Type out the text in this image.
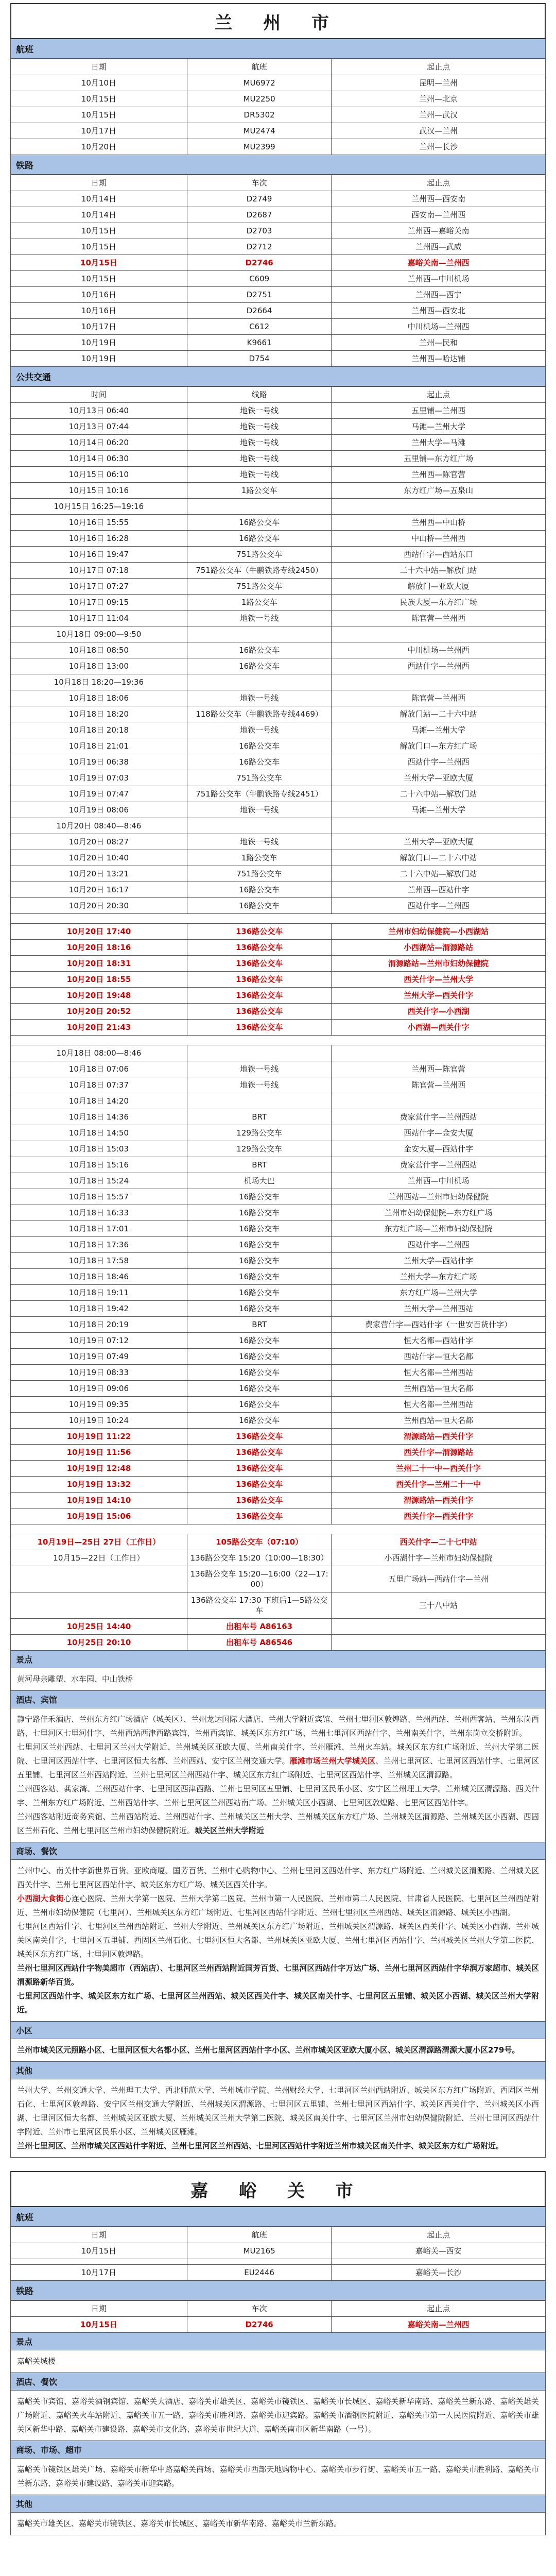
兰 州 市
航班
日期	航班	起止点
10月10日	MU6972	昆明—兰州
10月15日	MU2250	兰州—北京
10月15日	DR5302	兰州—武汉
10月17日	MU2474	武汉—兰州
10月20日	MU2399	兰州—长沙
铁路
日期	车次	起止点
10月14日	D2749	兰州西—西安南
10月14日	D2687	西安南—兰州西
10月15日	D2703	兰州西—嘉峪关南
10月15日	D2712	兰州西—武威
10月15日	D2746	嘉峪关南—兰州西
10月15日	C609	兰州西—中川机场
10月16日	D2751	兰州西—西宁
10月16日	D2664	兰州西—西安北
10月17日	C612	中川机场—兰州西
10月19日	K9661	兰州—民和
10月19日	D754	兰州西—哈达铺
公共交通
时间	线路	起止点
10月13日 06:40	地铁一号线	五里铺—兰州西
10月13日 07:44	地铁一号线	马滩—兰州大学
10月14日 06:20	地铁一号线	兰州大学—马滩
10月14日 06:30	地铁一号线	五里铺—东方红广场
10月15日 06:10	地铁一号线	兰州西—陈官营
10月15日 10:16	1路公交车	东方红广场—五泉山
10月15日 16:25—19:16		
10月16日 15:55	16路公交车	兰州西—中山桥
10月16日 16:28	16路公交车	中山桥—兰州西
10月16日 19:47	751路公交车	西站什字—西站东口
10月17日 07:18	751路公交车（牛鹏铁路专线2450）	二十六中站—解放门站
10月17日 07:27	751路公交车	解放门—亚欧大厦
10月17日 09:15	1路公交车	民族大厦—东方红广场
10月17日 11:04	地铁一号线	陈官营—兰州西
10月18日 09:00—9:50		
10月18日 08:50	16路公交车	中川机场—兰州西
10月18日 13:00	16路公交车	西站什字—兰州西
10月18日 18:20—19:36		
10月18日 18:06	地铁一号线	陈官营—兰州西
10月18日 18:20	118路公交车（牛鹏铁路专线4469）	解放门站—二十六中站
10月18日 20:18	地铁一号线	马滩—兰州大学
10月18日 21:01	16路公交车	解放门口—东方红广场
10月19日 06:38	16路公交车	西站什字—兰州西
10月19日 07:03	751路公交车	兰州大学—亚欧大厦
10月19日 07:47	751路公交车（牛鹏铁路专线2451）	二十六中站—解放门站
10月19日 08:06	地铁一号线	马滩—兰州大学
10月20日 08:40—8:46		
10月20日 08:27	地铁一号线	兰州大学—亚欧大厦
10月20日 10:40	1路公交车	解放门口—二十六中站
10月20日 13:21	751路公交车	二十六中站—解放门站
10月20日 16:17	16路公交车	兰州西—西站什字
10月20日 20:30	16路公交车	西站什字—兰州西
10月20日 17:40	136路公交车	兰州市妇幼保健院—小西湖站
10月20日 18:16	136路公交车	小西湖站—渭源路站
10月20日 18:31	136路公交车	渭源路站—兰州市妇幼保健院
10月20日 18:55	136路公交车	西关什字—兰州大学
10月20日 19:48	136路公交车	兰州大学—西关什字
10月20日 20:52	136路公交车	西关什字—小西湖
10月20日 21:43	136路公交车	小西湖—西关什字
10月18日 08:00—8:46		
10月18日 07:06	地铁一号线	兰州西—陈官营
10月18日 07:37	地铁一号线	陈官营—兰州西
10月18日 14:20		
10月18日 14:36	BRT	费家营什字—兰州西站
10月18日 14:50	129路公交车	西站什字—金安大厦
10月18日 15:03	129路公交车	金安大厦—西站什字
10月18日 15:16	BRT	费家营什字—兰州西站
10月18日 15:24	机场大巴	兰州西—中川机场
10月18日 15:57	16路公交车	兰州西站—兰州市妇幼保健院
10月18日 16:33	16路公交车	兰州市妇幼保健院—东方红广场
10月18日 17:01	16路公交车	东方红广场—兰州市妇幼保健院
10月18日 17:36	16路公交车	西站什字—兰州西
10月18日 17:58	16路公交车	兰州大学—西站什字
10月18日 18:46	16路公交车	兰州大学—东方红广场
10月18日 19:11	16路公交车	东方红广场—兰州大学
10月18日 19:42	16路公交车	兰州大学—兰州西站
10月18日 20:19	BRT	费家营什字—西站什字（一世安百货什字）
10月19日 07:12	16路公交车	恒大名都—西站什字
10月19日 07:49	16路公交车	西站什字—恒大名都
10月19日 08:33	16路公交车	恒大名都—兰州西站
10月19日 09:06	16路公交车	兰州西站—恒大名都
10月19日 09:35	16路公交车	恒大名都—兰州西站
10月19日 10:24	16路公交车	兰州西站—恒大名都
10月19日 11:22	136路公交车	渭源路站—西关什字
10月19日 11:56	136路公交车	西关什字—渭源路站
10月19日 12:48	136路公交车	兰州二十一中—西关什字
10月19日 13:32	136路公交车	西关什字—兰州二十一中
10月19日 14:10	136路公交车	渭源路站—西关什字
10月19日 15:06	136路公交车	西关什字—西关什字
10月19日—25日 27日（工作日）	105路公交车（07:10）	西关什字—二十七中站
10月15—22日（工作日）	136路公交车 15:20（10:00—18:30）	小西湖什字—兰州市妇幼保健院
	136路公交车 15:20—16:00（22—17:00）	五里广场站—西站什字—兰州
	136路公交车 17:30 下班后1—5路公交车	三十八中站
10月25日 14:40	出租车号 A86163	
10月25日 20:10	出租车号 A86546	
景点

黄河母亲雕塑、水车园、中山铁桥

酒店、宾馆

静宁路佳禾酒店、兰州东方红广场酒店（城关区）、兰州龙达国际大酒店、兰州大学附近宾馆、兰州七里河区敦煌路、兰州西站、兰州西客站、兰州东岗西路、七里河区七里河什字、兰州西站西津西路宾馆、兰州西宾馆、城关区东方红广场、兰州七里河区西站什字、兰州南关什字、兰州东岗立交桥附近。

七里河区兰州西站、七里河区兰州大学附近、兰州城关区亚欧大厦、兰州南关什字、兰州雁滩、兰州火车站。城关区东方红广场附近、兰州大学第二医院、七里河区西站什字、七里河区恒大名都、兰州西站、安宁区兰州交通大学。雁滩市场兰州大学城关区、兰州七里河区、七里河区西站什字、七里河区五里铺、七里河区兰州西站附近、兰州七里河区兰州西站什字、城关区东方红广场附近、七里河区西站什字、兰州城关区渭源路。

兰州西客站、龚家湾、兰州西站什字、七里河区西津西路、兰州七里河区五里铺、七里河区民乐小区、安宁区兰州理工大学。兰州城关区渭源路、西关什字、兰州东方红广场附近、兰州西站什字、兰州七里河区兰州西站南广场、兰州城关区小西湖、七里河区敦煌路、七里河区西站什字。

兰州西客站附近商务宾馆、兰州西站附近、兰州西站什字、兰州城关区兰州大学、兰州城关区东方红广场、兰州城关区渭源路、兰州城关区小西湖、西固区兰州石化、兰州七里河区兰州市妇幼保健院附近。城关区兰州大学附近

商场、餐饮

兰州中心、南关什字新世界百货、亚欧商厦、国芳百货、兰州中心购物中心、兰州七里河区西站什字、东方红广场附近、兰州城关区渭源路、兰州城关区西关什字、兰州七里河区西站什字、城关区东方红广场、城关区西关什字。

小西湖大食街心连心医院、兰州大学第一医院、兰州大学第二医院、兰州市第一人民医院、兰州市第二人民医院、甘肃省人民医院、七里河区兰州西站附近、兰州市妇幼保健院（七里河）、兰州城关区东方红广场附近、七里河区西站什字附近、兰州七里河区兰州西站、城关区渭源路、城关区小西湖。

七里河区西站什字、七里河区兰州西站附近、兰州大学附近、兰州城关区东方红广场附近、兰州城关区渭源路、城关区西关什字、城关区小西湖、兰州城关区南关什字、七里河区五里铺、西固区兰州石化、七里河区恒大名都、兰州城关区亚欧大厦、兰州七里河区西站什字、兰州城关区兰州大学第二医院、城关区东方红广场、七里河区敦煌路。

兰州七里河区西站什字物美超市（西站店）、七里河区兰州西站附近国芳百货、七里河区西站什字万达广场、兰州七里河区西站什字华润万家超市、城关区渭源路新华百货。

七里河区西站什字、城关区东方红广场、七里河区兰州西站、城关区西关什字、城关区南关什字、七里河区五里铺、城关区小西湖、城关区兰州大学附近。

小区

兰州市城关区元照路小区、七里河区恒大名都小区、兰州七里河区西站什字小区、兰州市城关区亚欧大厦小区、城关区渭源路渭源大厦小区279号。

其他

兰州大学、兰州交通大学、兰州理工大学、西北师范大学、兰州城市学院、兰州财经大学、七里河区兰州西站附近、城关区东方红广场附近、西固区兰州石化、七里河区敦煌路、安宁区兰州交通大学附近、兰州城关区渭源路、七里河区五里铺、兰州七里河区西站什字、城关区西关什字、兰州城关区小西湖、七里河区恒大名都、兰州城关区亚欧大厦、兰州城关区兰州大学第二医院、城关区南关什字、七里河区兰州市妇幼保健院附近、兰州七里河区西站什字附近、兰州市七里河区民乐小区、兰州城关区雁滩。

兰州七里河区、兰州市城关区西站什字附近、兰州七里河区兰州西站、七里河区西站什字附近兰州市城关区南关什字、城关区东方红广场附近。

嘉 峪 关 市
航班
日期	航班	起止点
10月15日	MU2165	嘉峪关—西安

10月17日	EU2446	嘉峪关—长沙
铁路
日期	车次	起止点
10月15日	D2746	嘉峪关南—兰州西
景点

嘉峪关城楼

酒店、餐饮

嘉峪关市宾馆、嘉峪关酒钢宾馆、嘉峪关大酒店、嘉峪关市雄关区、嘉峪关市镜铁区、嘉峪关市长城区、嘉峪关新华南路、嘉峪关兰新东路、嘉峪关雄关广场附近、嘉峪关火车站附近、嘉峪关市五一路、嘉峪关市胜利路、嘉峪关市迎宾路。嘉峪关市酒钢医院附近、嘉峪关市第一人民医院附近、嘉峪关市雄关区新华中路、嘉峪关市建设路、嘉峪关市文化路、嘉峪关市世纪大道、嘉峪关南市区新华南路（一号）。

商场、市场、超市

嘉峪关市镜铁区雄关广场、嘉峪关市新华中路嘉峪关商场、嘉峪关市西部天地购物中心、嘉峪关市步行街、嘉峪关市五一路、嘉峪关市胜利路、嘉峪关市兰新东路、嘉峪关市建设路、嘉峪关市迎宾路。

其他

嘉峪关市雄关区、嘉峪关市镜铁区、嘉峪关市长城区、嘉峪关市新华南路、嘉峪关市兰新东路。
